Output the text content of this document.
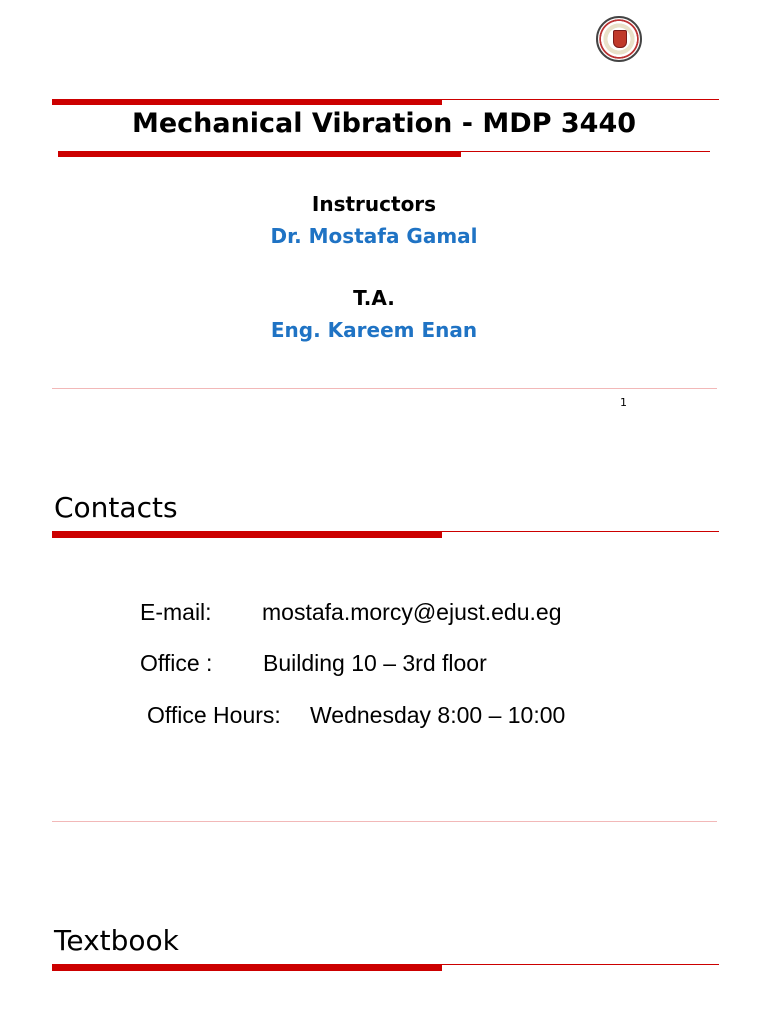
Mechanical Vibration - MDP 3440
Instructors
Dr. Mostafa Gamal
T.A.
Eng. Kareem Enan
1
Contacts
E-mail: mostafa.morcy@ejust.edu.eg
Office : Building 10 – 3rd floor
Office Hours: Wednesday 8:00 – 10:00
Textbook
